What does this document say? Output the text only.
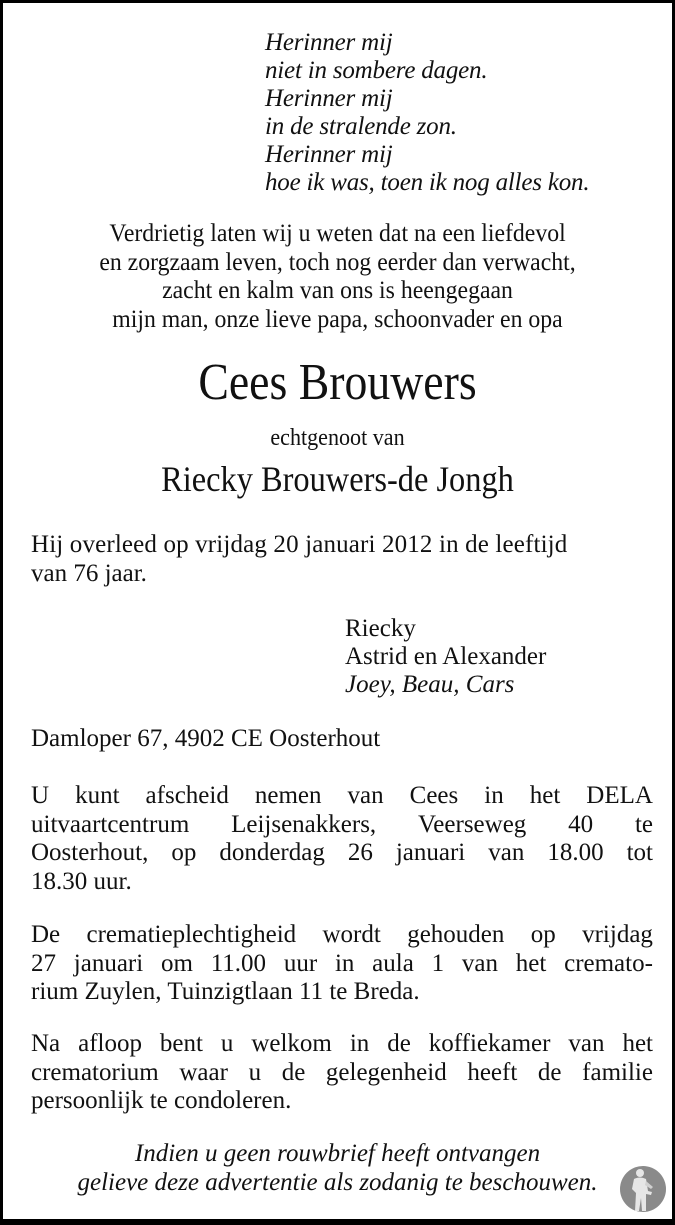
Herinner mij
niet in sombere dagen.
Herinner mij
in de stralende zon.
Herinner mij
hoe ik was, toen ik nog alles kon.
Verdrietig laten wij u weten dat na een liefdevol
en zorgzaam leven, toch nog eerder dan verwacht,
zacht en kalm van ons is heengegaan
mijn man, onze lieve papa, schoonvader en opa
Cees Brouwers
echtgenoot van
Riecky Brouwers-de Jongh
Hij overleed op vrijdag 20 januari 2012 in de leeftijd
van 76 jaar.
Riecky
Astrid en Alexander
Joey, Beau, Cars
Damloper 67, 4902 CE Oosterhout
U kunt afscheid nemen van Cees in het DELA
uitvaartcentrum Leijsenakkers, Veerseweg 40 te
Oosterhout, op donderdag 26 januari van 18.00 tot
18.30 uur.
De crematieplechtigheid wordt gehouden op vrijdag
27 januari om 11.00 uur in aula 1 van het cremato-
rium Zuylen, Tuinzigtlaan 11 te Breda.
Na afloop bent u welkom in de koffiekamer van het
crematorium waar u de gelegenheid heeft de familie
persoonlijk te condoleren.
Indien u geen rouwbrief heeft ontvangen
gelieve deze advertentie als zodanig te beschouwen.
